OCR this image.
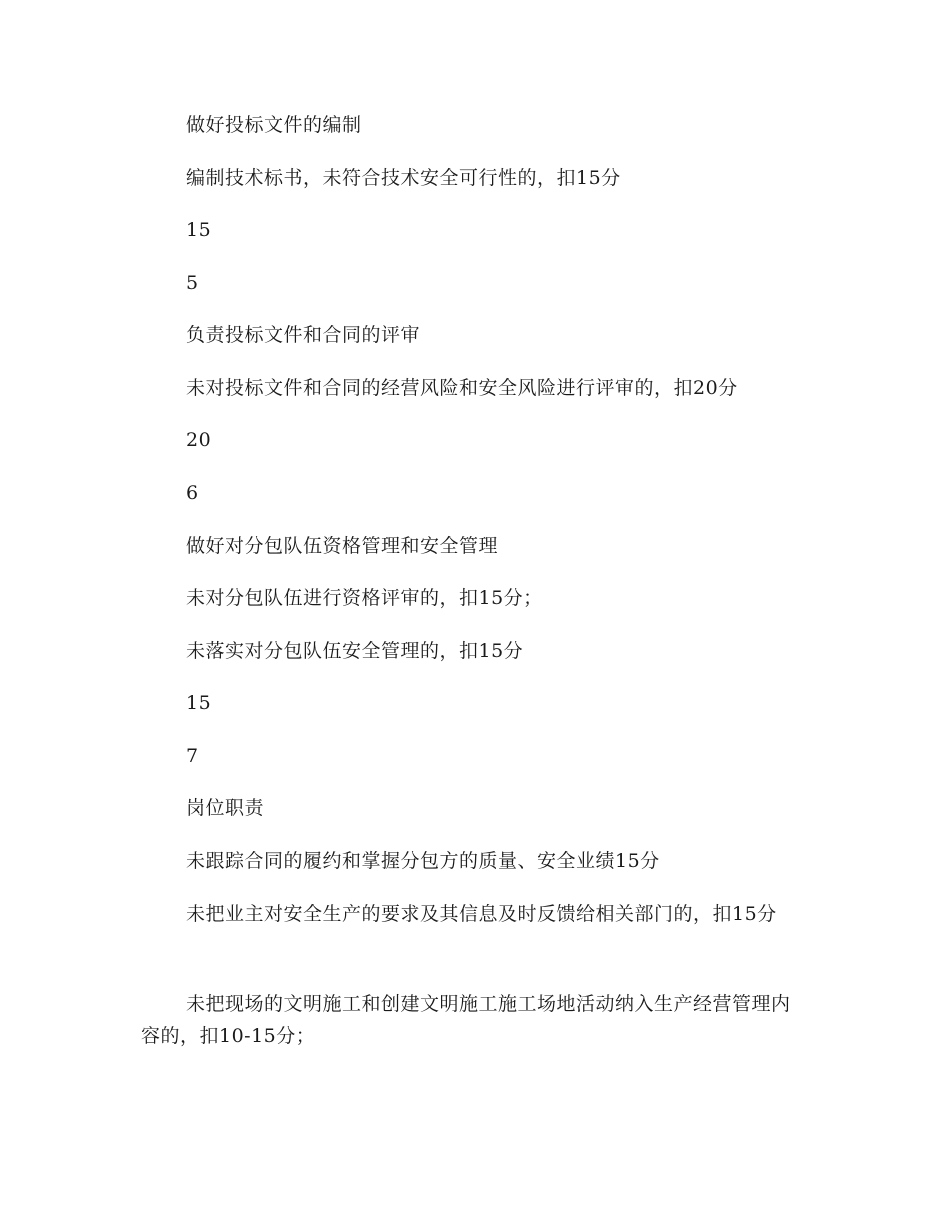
做好投标文件的编制

编制技术标书，未符合技术安全可行性的，扣15分

15

5

负责投标文件和合同的评审

未对投标文件和合同的经营风险和安全风险进行评审的，扣20分

20

6

做好对分包队伍资格管理和安全管理

未对分包队伍进行资格评审的，扣15分；

未落实对分包队伍安全管理的，扣15分

15

7

岗位职责

未跟踪合同的履约和掌握分包方的质量、安全业绩15分

未把业主对安全生产的要求及其信息及时反馈给相关部门的，扣15分

未把现场的文明施工和创建文明施工施工场地活动纳入生产经营管理内容的，扣10-15分；
